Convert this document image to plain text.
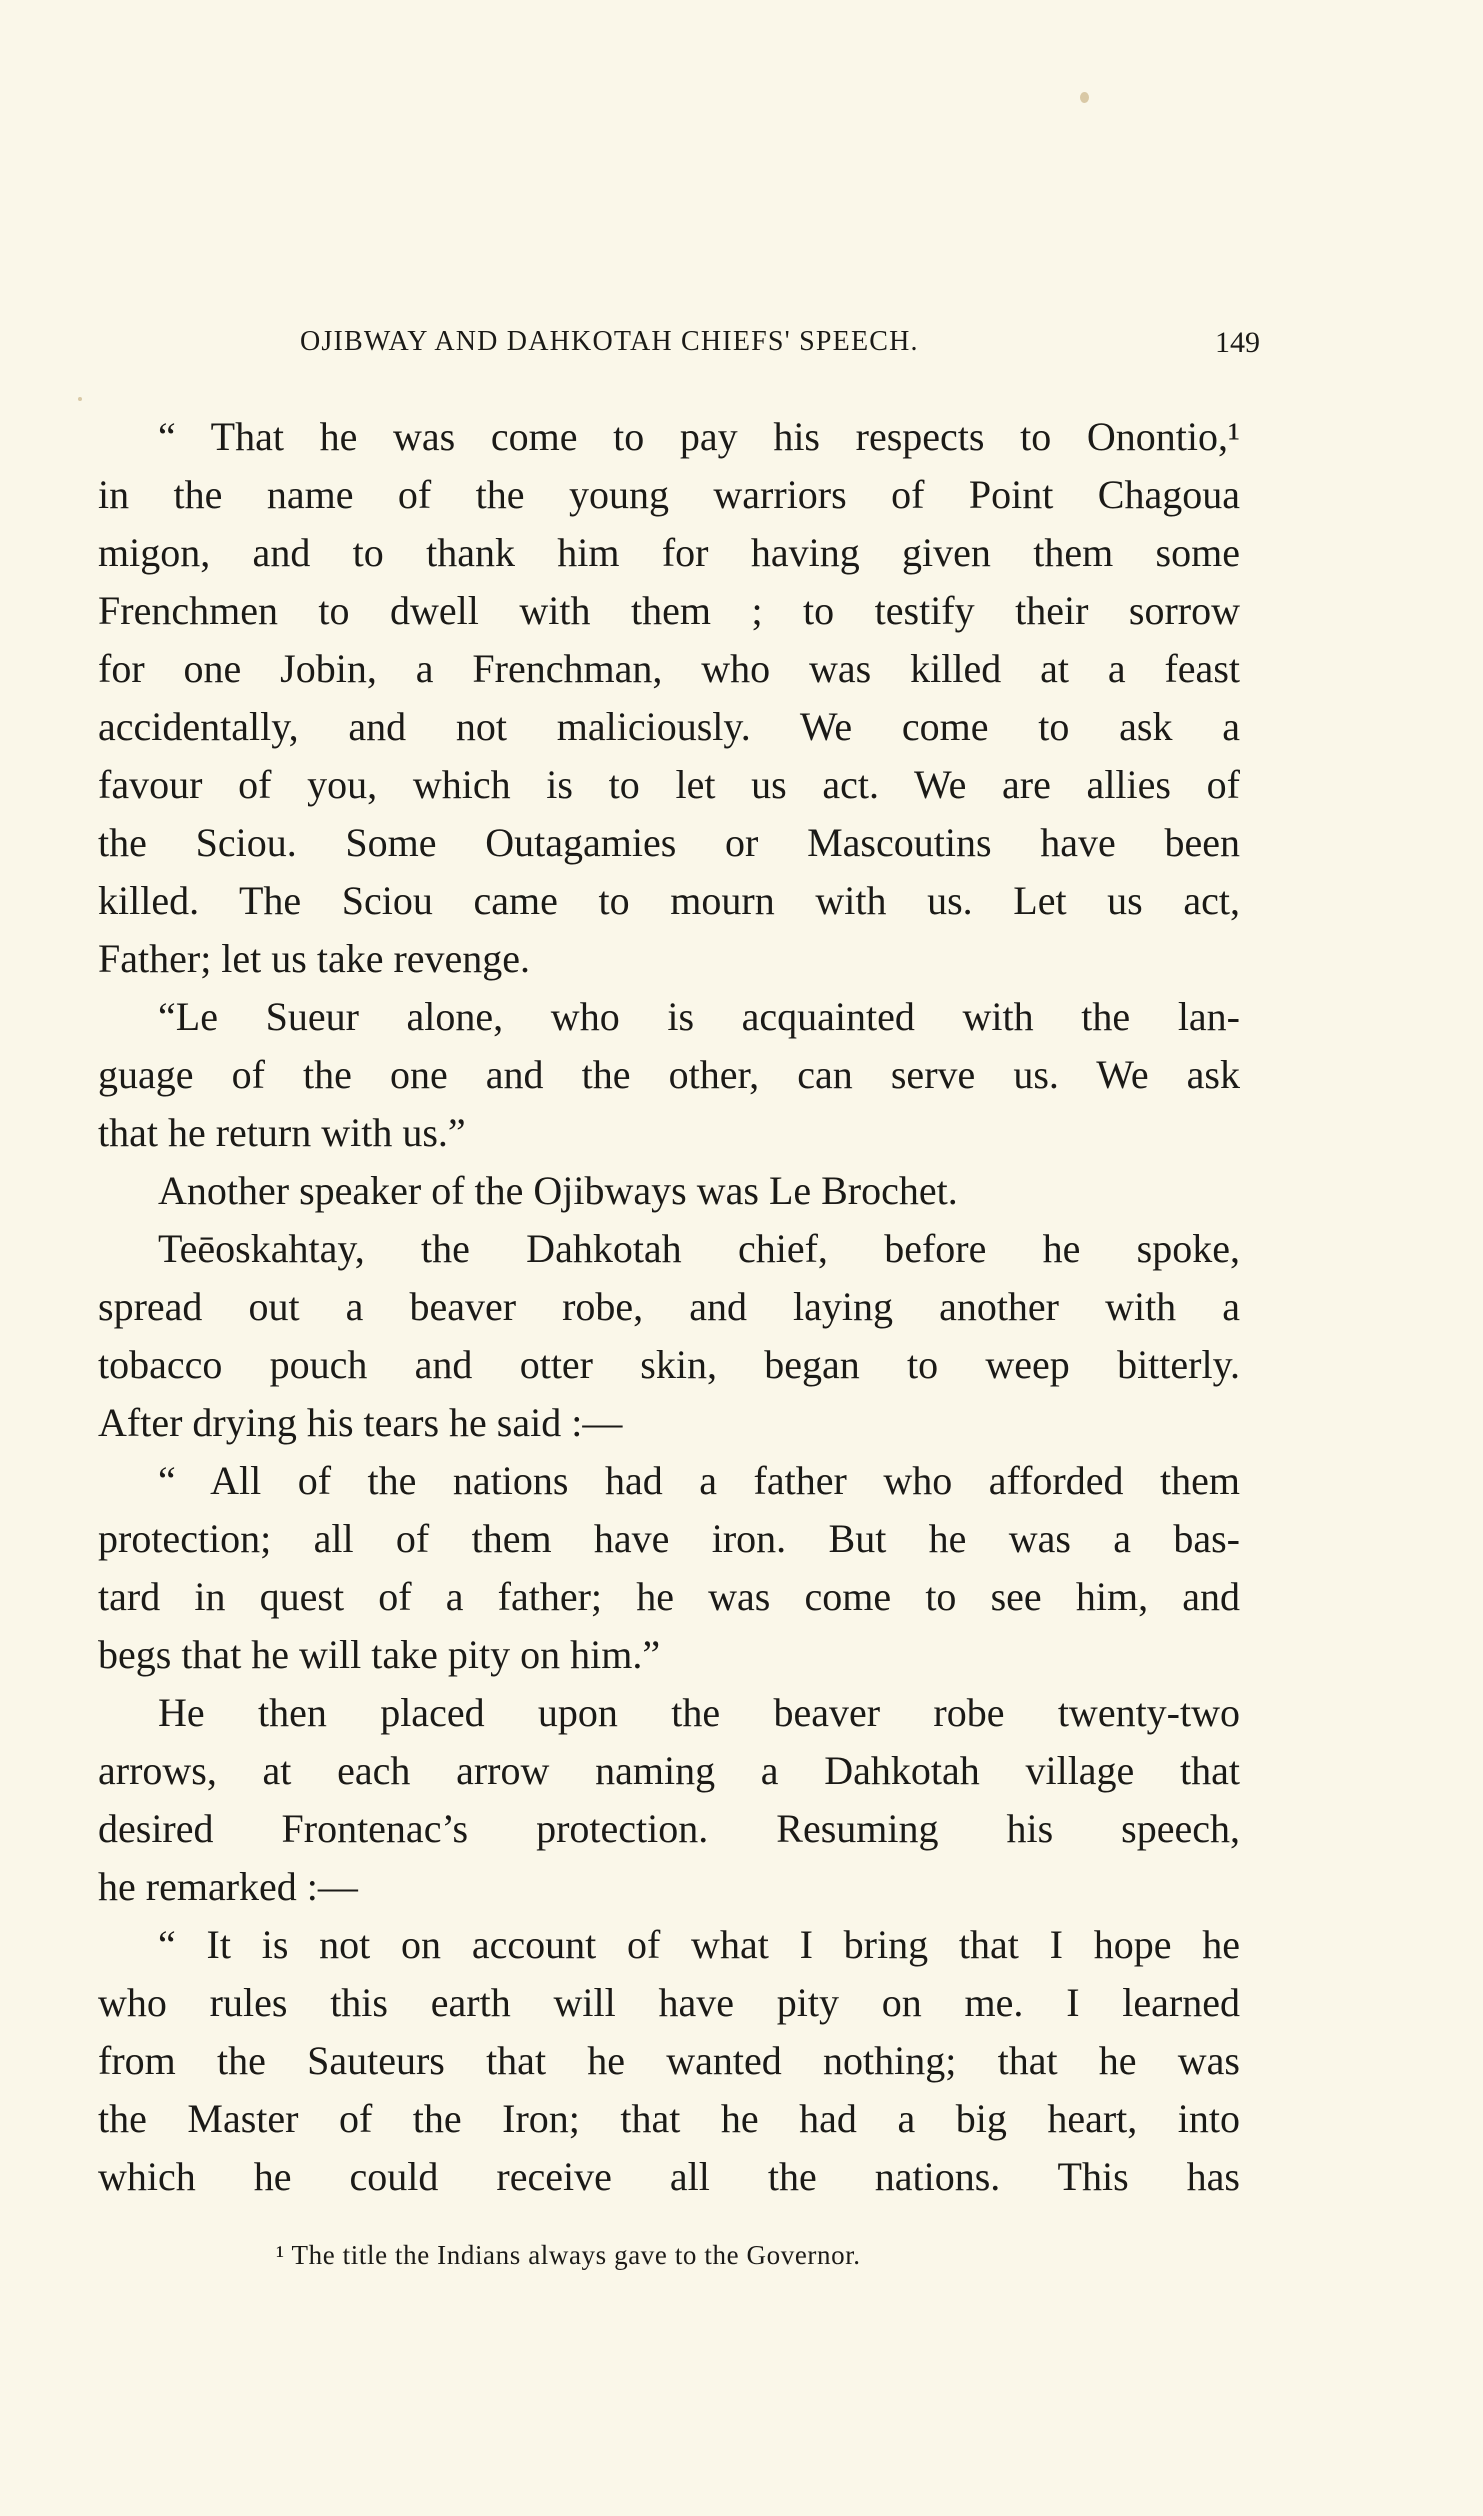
OJIBWAY AND DAHKOTAH CHIEFS' SPEECH.	149
“ That he was come to pay his respects to Onontio,¹
in the name of the young warriors of Point Chagoua
migon, and to thank him for having given them some
Frenchmen to dwell with them ; to testify their sorrow
for one Jobin, a Frenchman, who was killed at a feast
accidentally, and not maliciously. We come to ask a
favour of you, which is to let us act. We are allies of
the Sciou. Some Outagamies or Mascoutins have been
killed. The Sciou came to mourn with us. Let us act,
Father; let us take revenge.
“Le Sueur alone, who is acquainted with the lan-
guage of the one and the other, can serve us. We ask
that he return with us.”
Another speaker of the Ojibways was Le Brochet.
Teēoskahtay, the Dahkotah chief, before he spoke,
spread out a beaver robe, and laying another with a
tobacco pouch and otter skin, began to weep bitterly.
After drying his tears he said :—
“ All of the nations had a father who afforded them
protection; all of them have iron. But he was a bas-
tard in quest of a father; he was come to see him, and
begs that he will take pity on him.”
He then placed upon the beaver robe twenty-two
arrows, at each arrow naming a Dahkotah village that
desired Frontenac’s protection. Resuming his speech,
he remarked :—
“ It is not on account of what I bring that I hope he
who rules this earth will have pity on me. I learned
from the Sauteurs that he wanted nothing; that he was
the Master of the Iron; that he had a big heart, into
which he could receive all the nations. This has
¹ The title the Indians always gave to the Governor.
